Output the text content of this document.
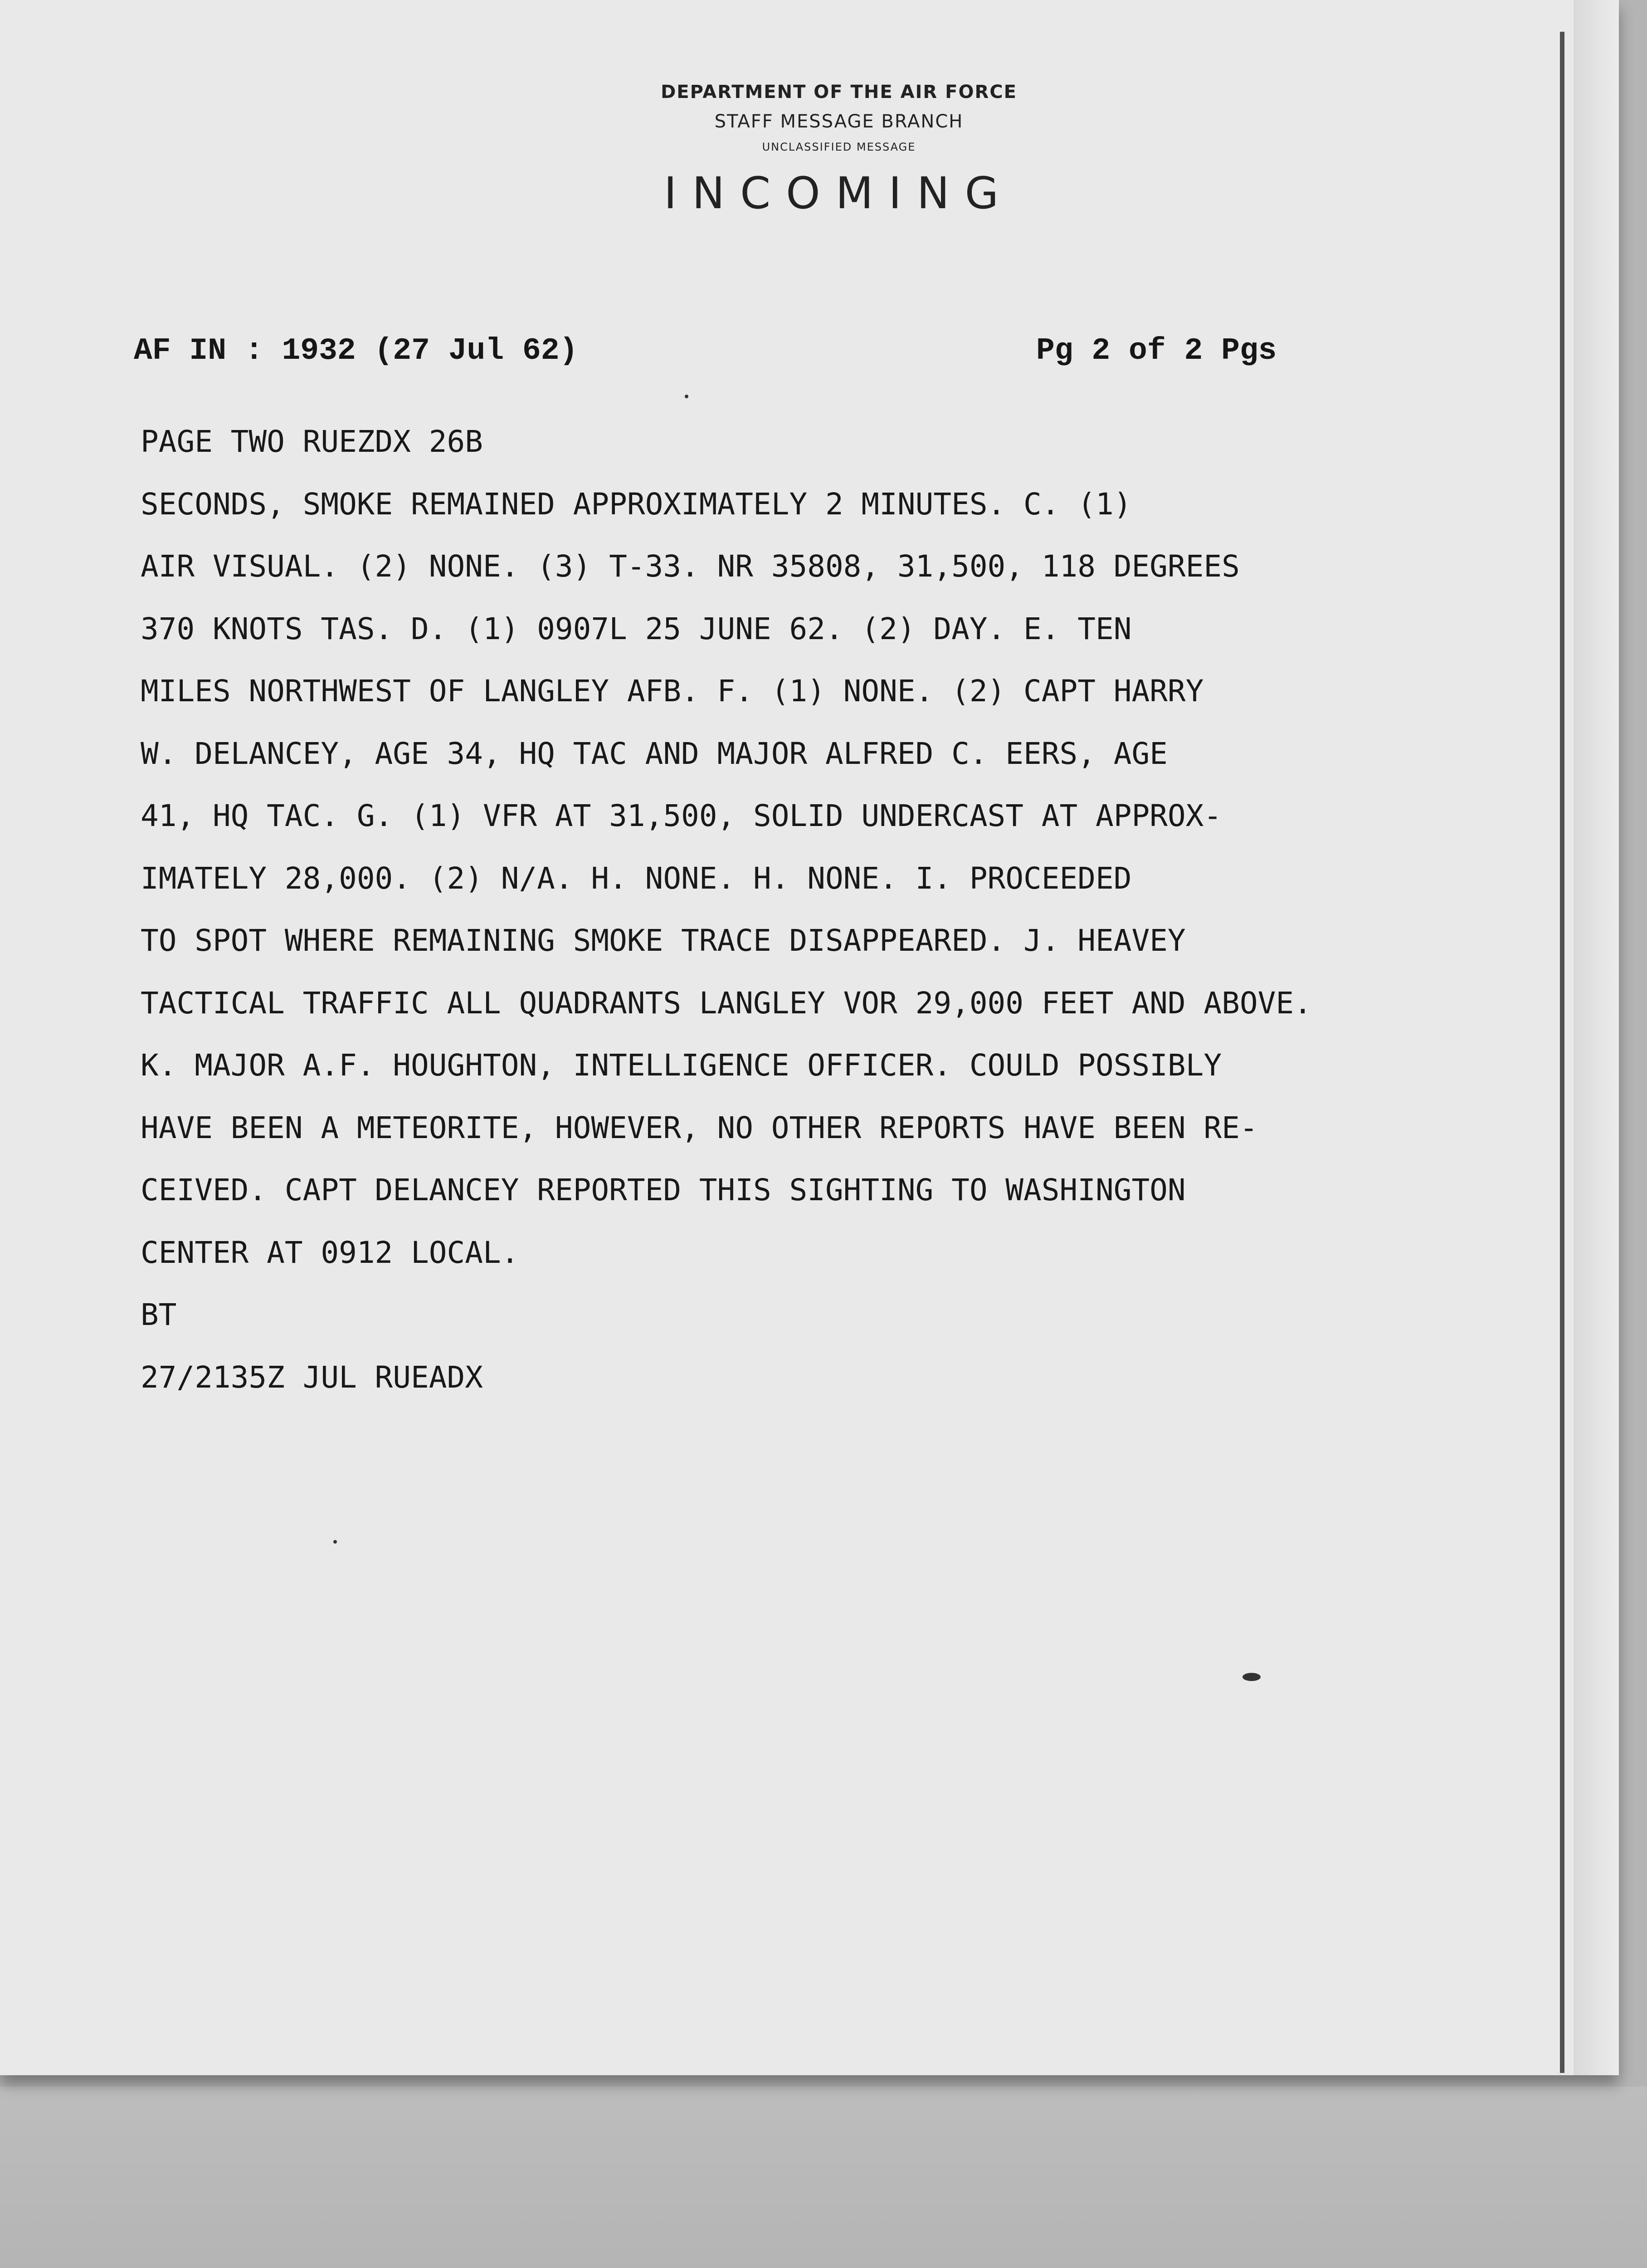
DEPARTMENT OF THE AIR FORCE
STAFF MESSAGE BRANCH
UNCLASSIFIED MESSAGE
INCOMING
AF IN : 1932 (27 Jul 62)	Pg 2 of 2 Pgs
PAGE TWO RUEZDX 26B
SECONDS, SMOKE REMAINED APPROXIMATELY 2 MINUTES. C. (1)
AIR VISUAL. (2) NONE. (3) T-33. NR 35808, 31,500, 118 DEGREES
370 KNOTS TAS. D. (1) 0907L 25 JUNE 62. (2) DAY. E. TEN
MILES NORTHWEST OF LANGLEY AFB. F. (1) NONE. (2) CAPT HARRY
W. DELANCEY, AGE 34, HQ TAC AND MAJOR ALFRED C. EERS, AGE
41, HQ TAC. G. (1) VFR AT 31,500, SOLID UNDERCAST AT APPROX-
IMATELY 28,000. (2) N/A. H. NONE. H. NONE. I. PROCEEDED
TO SPOT WHERE REMAINING SMOKE TRACE DISAPPEARED. J. HEAVEY
TACTICAL TRAFFIC ALL QUADRANTS LANGLEY VOR 29,000 FEET AND ABOVE.
K. MAJOR A.F. HOUGHTON, INTELLIGENCE OFFICER. COULD POSSIBLY
HAVE BEEN A METEORITE, HOWEVER, NO OTHER REPORTS HAVE BEEN RE-
CEIVED. CAPT DELANCEY REPORTED THIS SIGHTING TO WASHINGTON
CENTER AT 0912 LOCAL.
BT
27/2135Z JUL RUEADX
